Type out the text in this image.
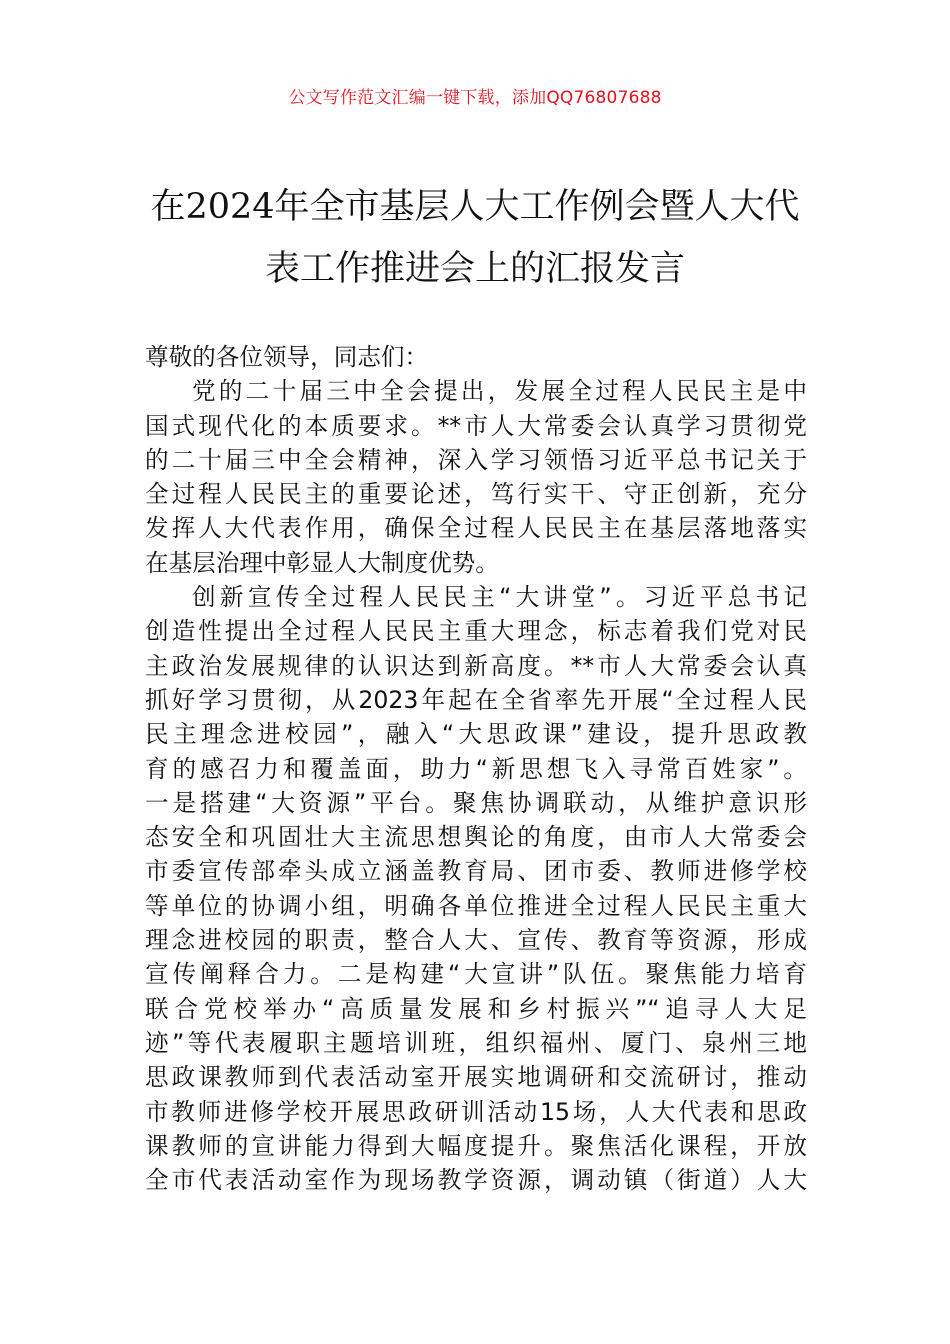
公文写作范文汇编一键下载，添加QQ76807688
在2024年全市基层人大工作例会暨人大代
表工作推进会上的汇报发言
尊敬的各位领导，同志们：
党的二十届三中全会提出，发展全过程人民民主是中
国式现代化的本质要求。**市人大常委会认真学习贯彻党
的二十届三中全会精神，深入学习领悟习近平总书记关于
全过程人民民主的重要论述，笃行实干、守正创新，充分
发挥人大代表作用，确保全过程人民民主在基层落地落实
在基层治理中彰显人大制度优势。
创新宣传全过程人民民主“大讲堂”。习近平总书记
创造性提出全过程人民民主重大理念，标志着我们党对民
主政治发展规律的认识达到新高度。**市人大常委会认真
抓好学习贯彻，从2023年起在全省率先开展“全过程人民
民主理念进校园”，融入“大思政课”建设，提升思政教
育的感召力和覆盖面，助力“新思想飞入寻常百姓家”。
一是搭建“大资源”平台。聚焦协调联动，从维护意识形
态安全和巩固壮大主流思想舆论的角度，由市人大常委会
市委宣传部牵头成立涵盖教育局、团市委、教师进修学校
等单位的协调小组，明确各单位推进全过程人民民主重大
理念进校园的职责，整合人大、宣传、教育等资源，形成
宣传阐释合力。二是构建“大宣讲”队伍。聚焦能力培育
联合党校举办“高质量发展和乡村振兴”“追寻人大足
迹”等代表履职主题培训班，组织福州、厦门、泉州三地
思政课教师到代表活动室开展实地调研和交流研讨，推动
市教师进修学校开展思政研训活动15场，人大代表和思政
课教师的宣讲能力得到大幅度提升。聚焦活化课程，开放
全市代表活动室作为现场教学资源，调动镇（街道）人大
